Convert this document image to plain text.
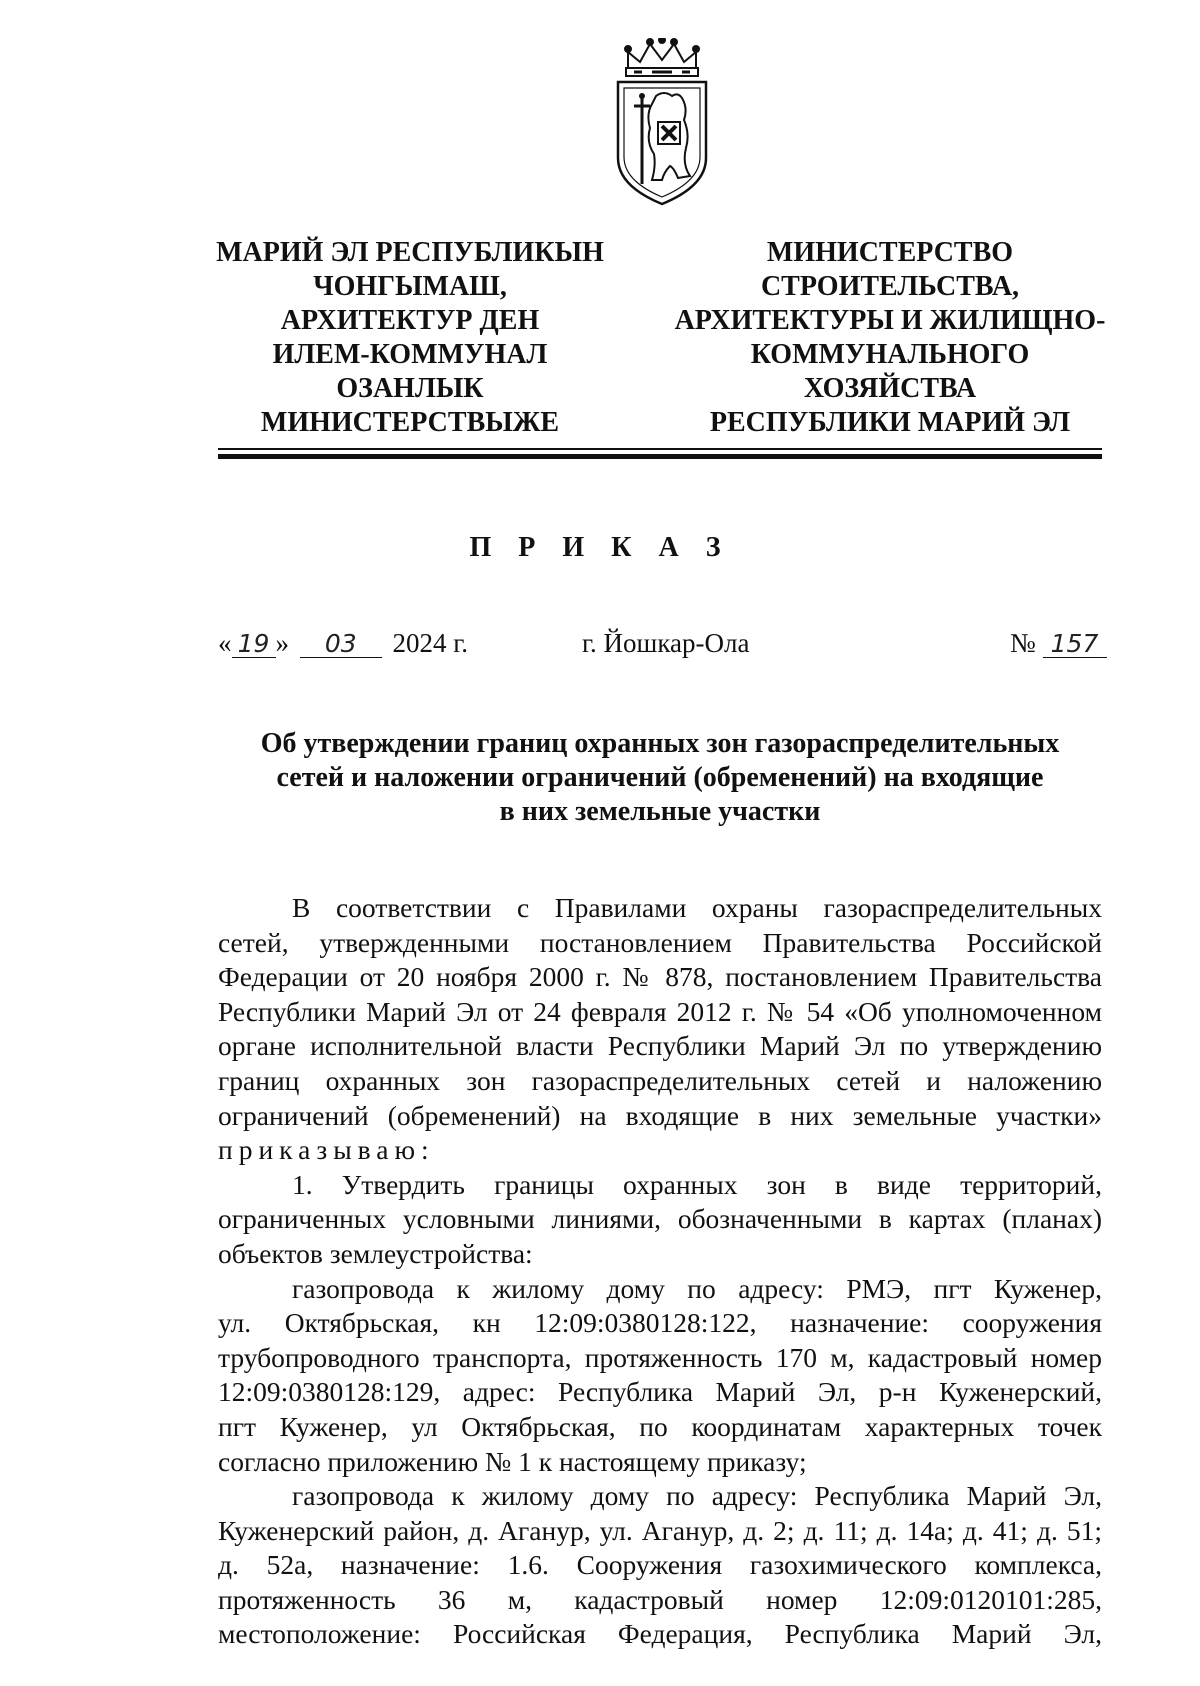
МАРИЙ ЭЛ РЕСПУБЛИКЫН
ЧОНГЫМАШ,
АРХИТЕКТУР ДЕН
ИЛЕМ-КОММУНАЛ
ОЗАНЛЫК
МИНИСТЕРСТВЫЖЕ
МИНИСТЕРСТВО
СТРОИТЕЛЬСТВА,
АРХИТЕКТУРЫ И ЖИЛИЩНО-
КОММУНАЛЬНОГО
ХОЗЯЙСТВА
РЕСПУБЛИКИ МАРИЙ ЭЛ
П Р И К А З
« 19 » 03 2024 г.	г. Йошкар-Ола	№ 157
Об утверждении границ охранных зон газораспределительных
сетей и наложении ограничений (обременений) на входящие
в них земельные участки
В соответствии с Правилами охраны газораспределительных
сетей, утвержденными постановлением Правительства Российской
Федерации от 20 ноября 2000 г. № 878, постановлением Правительства
Республики Марий Эл от 24 февраля 2012 г. № 54 «Об уполномоченном
органе исполнительной власти Республики Марий Эл по утверждению
границ охранных зон газораспределительных сетей и наложению
ограничений (обременений) на входящие в них земельные участки»
приказываю:
1. Утвердить границы охранных зон в виде территорий,
ограниченных условными линиями, обозначенными в картах (планах)
объектов землеустройства:
газопровода к жилому дому по адресу: РМЭ, пгт Куженер,
ул. Октябрьская, кн 12:09:0380128:122, назначение: сооружения
трубопроводного транспорта, протяженность 170 м, кадастровый номер
12:09:0380128:129, адрес: Республика Марий Эл, р-н Куженерский,
пгт Куженер, ул Октябрьская, по координатам характерных точек
согласно приложению № 1 к настоящему приказу;
газопровода к жилому дому по адресу: Республика Марий Эл,
Куженерский район, д. Аганур, ул. Аганур, д. 2; д. 11; д. 14а; д. 41; д. 51;
д. 52а, назначение: 1.6. Сооружения газохимического комплекса,
протяженность 36 м, кадастровый номер 12:09:0120101:285,
местоположение: Российская Федерация, Республика Марий Эл,
